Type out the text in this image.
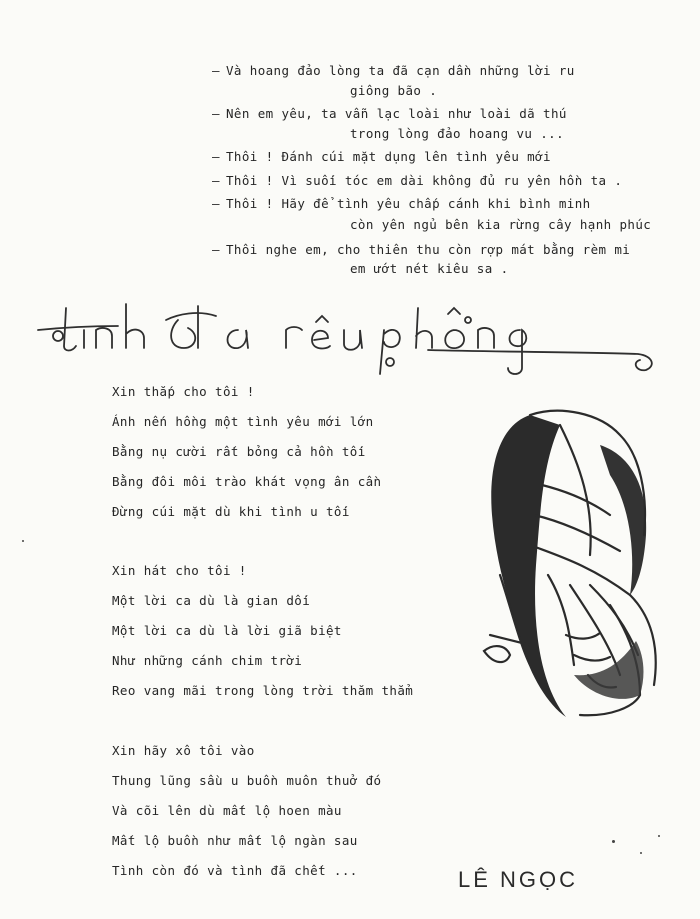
– Và hoang đảo lòng ta đã cạn dần những lời ru
giông bão .
– Nên em yêu, ta vẫn lạc loài như loài dã thú
trong lòng đảo hoang vu ...
– Thôi ! Đánh cúi mặt dụng lên tình yêu mới
– Thôi ! Vì suối tóc em dài không đủ ru yên hồn ta .
– Thôi ! Hãy để tình yêu chấp cánh khi bình minh
còn yên ngủ bên kia rừng cây hạnh phúc
– Thôi nghe em, cho thiên thu còn rợp mát bằng rèm mi
em ướt nét kiêu sa .
Xin thắp cho tôi !
Ánh nến hồng một tình yêu mới lớn
Bằng nụ cười rất bỏng cả hồn tối
Bằng đôi môi trào khát vọng ân cần
Đừng cúi mặt dù khi tình u tối
Xin hát cho tôi !
Một lời ca dù là gian dối
Một lời ca dù là lời giã biệt
Như những cánh chim trời
Reo vang mãi trong lòng trời thăm thẳm
Xin hãy xô tôi vào
Thung lũng sầu u buồn muôn thuở đó
Và cõi lên dù mất lộ hoen màu
Mất lộ buồn như mất lộ ngàn sau
Tình còn đó và tình đã chết ...	LÊ NGỌC
